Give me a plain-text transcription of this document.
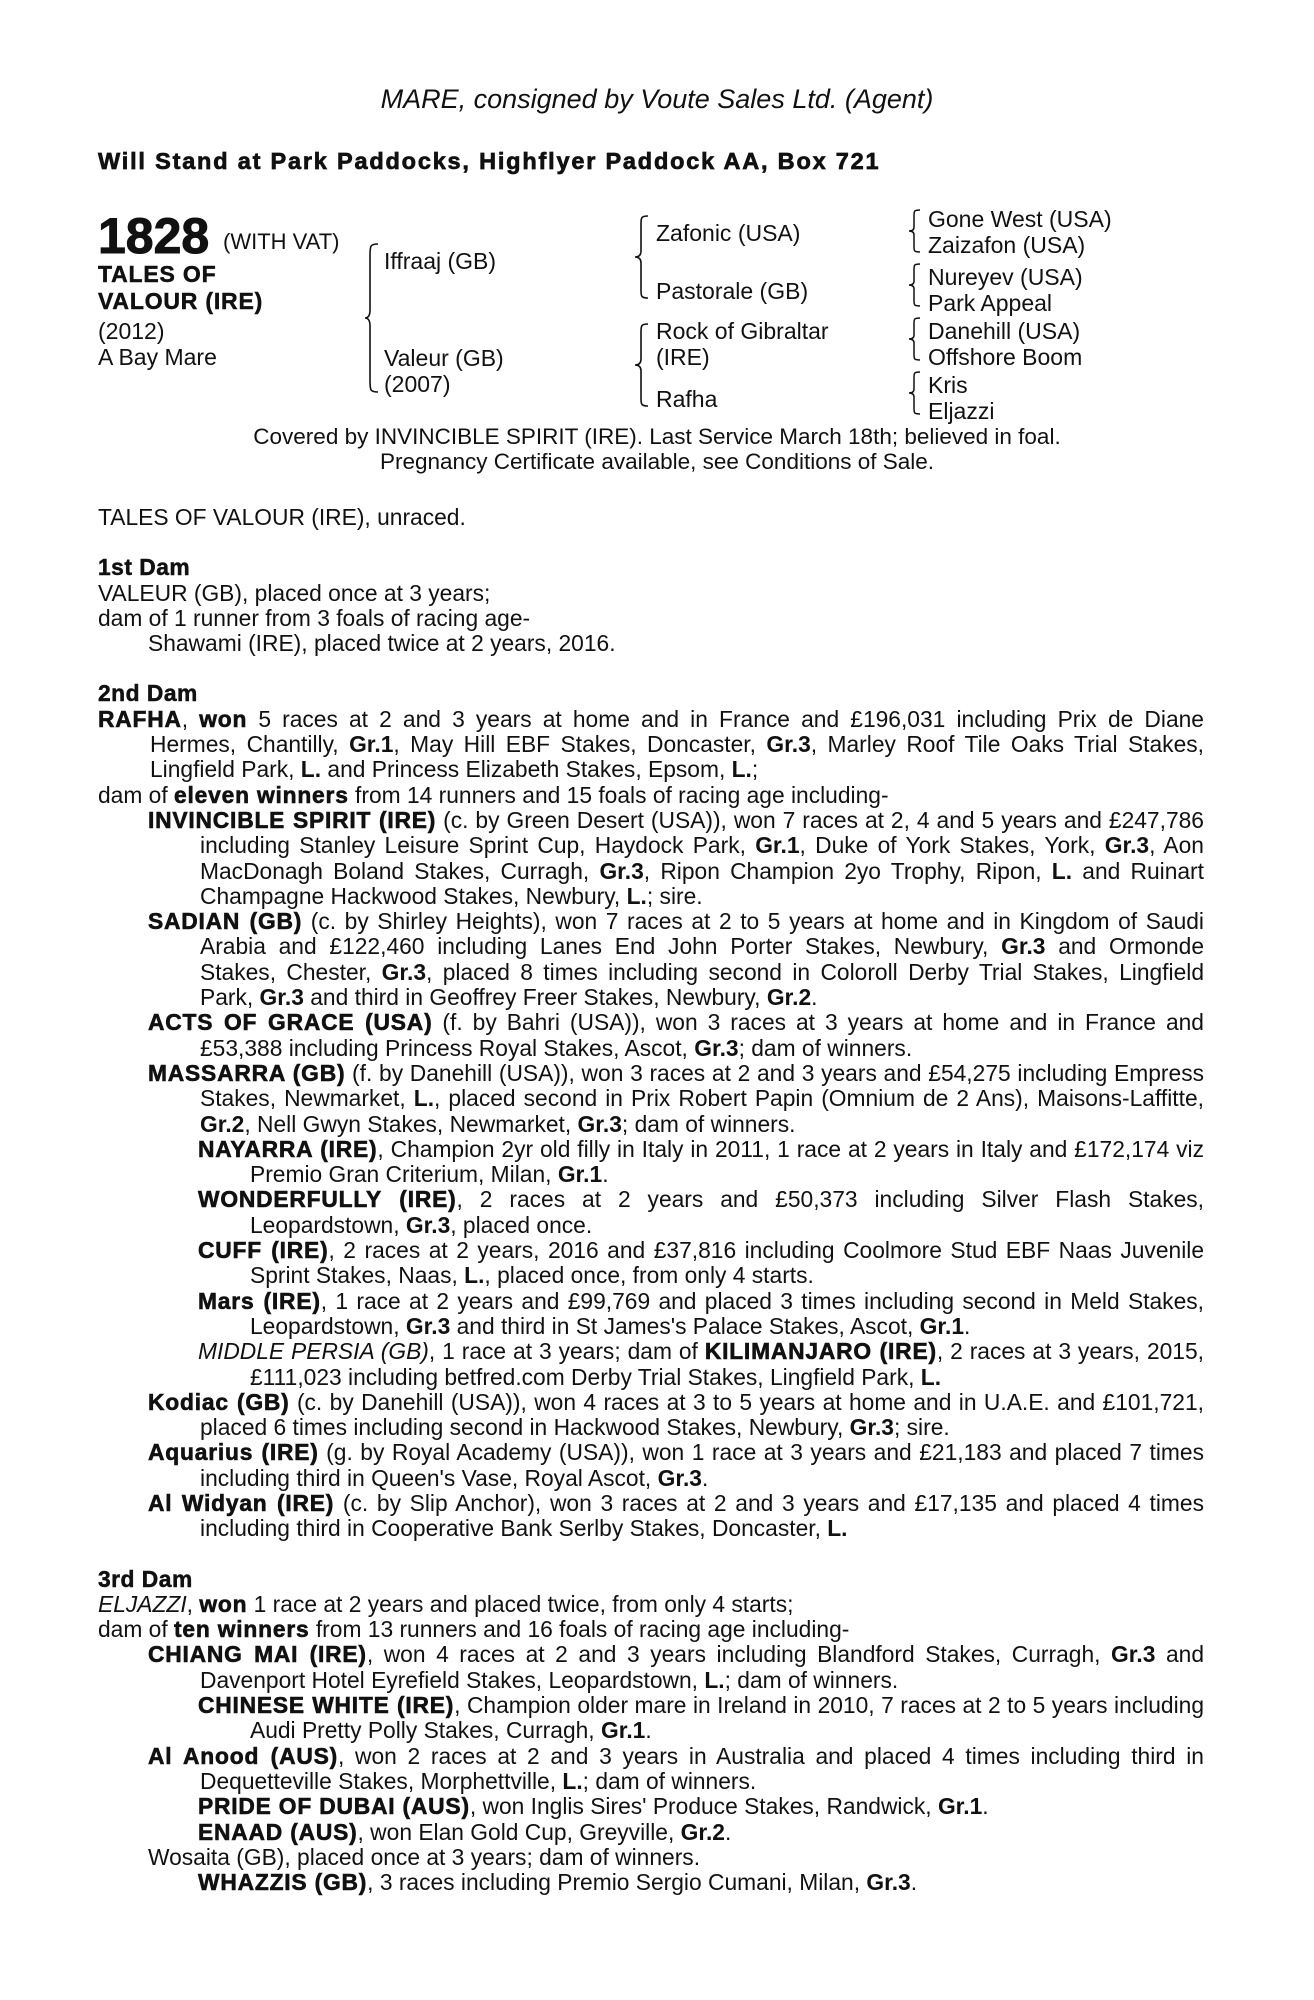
MARE, consigned by Voute Sales Ltd. (Agent)
Will Stand at Park Paddocks, Highflyer Paddock AA, Box 721
1828 (WITH VAT)
TALES OF
VALOUR (IRE)
(2012)
A Bay Mare
Iffraaj (GB)
Valeur (GB)
(2007)
Zafonic (USA)
Pastorale (GB)
Rock of Gibraltar
(IRE)
Rafha
Gone West (USA)
Zaizafon (USA)
Nureyev (USA)
Park Appeal
Danehill (USA)
Offshore Boom
Kris
Eljazzi
Covered by INVINCIBLE SPIRIT (IRE). Last Service March 18th; believed in foal.
Pregnancy Certificate available, see Conditions of Sale.

TALES OF VALOUR (IRE), unraced.

1st Dam

VALEUR (GB), placed once at 3 years;

dam of 1 runner from 3 foals of racing age-

Shawami (IRE), placed twice at 2 years, 2016.

2nd Dam

RAFHA, won 5 races at 2 and 3 years at home and in France and £196,031 including Prix de Diane Hermes, Chantilly, Gr.1, May Hill EBF Stakes, Doncaster, Gr.3, Marley Roof Tile Oaks Trial Stakes, Lingfield Park, L. and Princess Elizabeth Stakes, Epsom, L.;

dam of eleven winners from 14 runners and 15 foals of racing age including-

INVINCIBLE SPIRIT (IRE) (c. by Green Desert (USA)), won 7 races at 2, 4 and 5 years and £247,786 including Stanley Leisure Sprint Cup, Haydock Park, Gr.1, Duke of York Stakes, York, Gr.3, Aon MacDonagh Boland Stakes, Curragh, Gr.3, Ripon Champion 2yo Trophy, Ripon, L. and Ruinart Champagne Hackwood Stakes, Newbury, L.; sire.

SADIAN (GB) (c. by Shirley Heights), won 7 races at 2 to 5 years at home and in Kingdom of Saudi Arabia and £122,460 including Lanes End John Porter Stakes, Newbury, Gr.3 and Ormonde Stakes, Chester, Gr.3, placed 8 times including second in Coloroll Derby Trial Stakes, Lingfield Park, Gr.3 and third in Geoffrey Freer Stakes, Newbury, Gr.2.

ACTS OF GRACE (USA) (f. by Bahri (USA)), won 3 races at 3 years at home and in France and £53,388 including Princess Royal Stakes, Ascot, Gr.3; dam of winners.

MASSARRA (GB) (f. by Danehill (USA)), won 3 races at 2 and 3 years and £54,275 including Empress Stakes, Newmarket, L., placed second in Prix Robert Papin (Omnium de 2 Ans), Maisons-Laffitte, Gr.2, Nell Gwyn Stakes, Newmarket, Gr.3; dam of winners.

NAYARRA (IRE), Champion 2yr old filly in Italy in 2011, 1 race at 2 years in Italy and £172,174 viz Premio Gran Criterium, Milan, Gr.1.

WONDERFULLY (IRE), 2 races at 2 years and £50,373 including Silver Flash Stakes, Leopardstown, Gr.3, placed once.

CUFF (IRE), 2 races at 2 years, 2016 and £37,816 including Coolmore Stud EBF Naas Juvenile Sprint Stakes, Naas, L., placed once, from only 4 starts.

Mars (IRE), 1 race at 2 years and £99,769 and placed 3 times including second in Meld Stakes, Leopardstown, Gr.3 and third in St James's Palace Stakes, Ascot, Gr.1.

MIDDLE PERSIA (GB), 1 race at 3 years; dam of KILIMANJARO (IRE), 2 races at 3 years, 2015, £111,023 including betfred.com Derby Trial Stakes, Lingfield Park, L.

Kodiac (GB) (c. by Danehill (USA)), won 4 races at 3 to 5 years at home and in U.A.E. and £101,721, placed 6 times including second in Hackwood Stakes, Newbury, Gr.3; sire.

Aquarius (IRE) (g. by Royal Academy (USA)), won 1 race at 3 years and £21,183 and placed 7 times including third in Queen's Vase, Royal Ascot, Gr.3.

Al Widyan (IRE) (c. by Slip Anchor), won 3 races at 2 and 3 years and £17,135 and placed 4 times including third in Cooperative Bank Serlby Stakes, Doncaster, L.

3rd Dam

ELJAZZI, won 1 race at 2 years and placed twice, from only 4 starts;

dam of ten winners from 13 runners and 16 foals of racing age including-

CHIANG MAI (IRE), won 4 races at 2 and 3 years including Blandford Stakes, Curragh, Gr.3 and Davenport Hotel Eyrefield Stakes, Leopardstown, L.; dam of winners.

CHINESE WHITE (IRE), Champion older mare in Ireland in 2010, 7 races at 2 to 5 years including Audi Pretty Polly Stakes, Curragh, Gr.1.

Al Anood (AUS), won 2 races at 2 and 3 years in Australia and placed 4 times including third in Dequetteville Stakes, Morphettville, L.; dam of winners.

PRIDE OF DUBAI (AUS), won Inglis Sires' Produce Stakes, Randwick, Gr.1.

ENAAD (AUS), won Elan Gold Cup, Greyville, Gr.2.

Wosaita (GB), placed once at 3 years; dam of winners.

WHAZZIS (GB), 3 races including Premio Sergio Cumani, Milan, Gr.3.
